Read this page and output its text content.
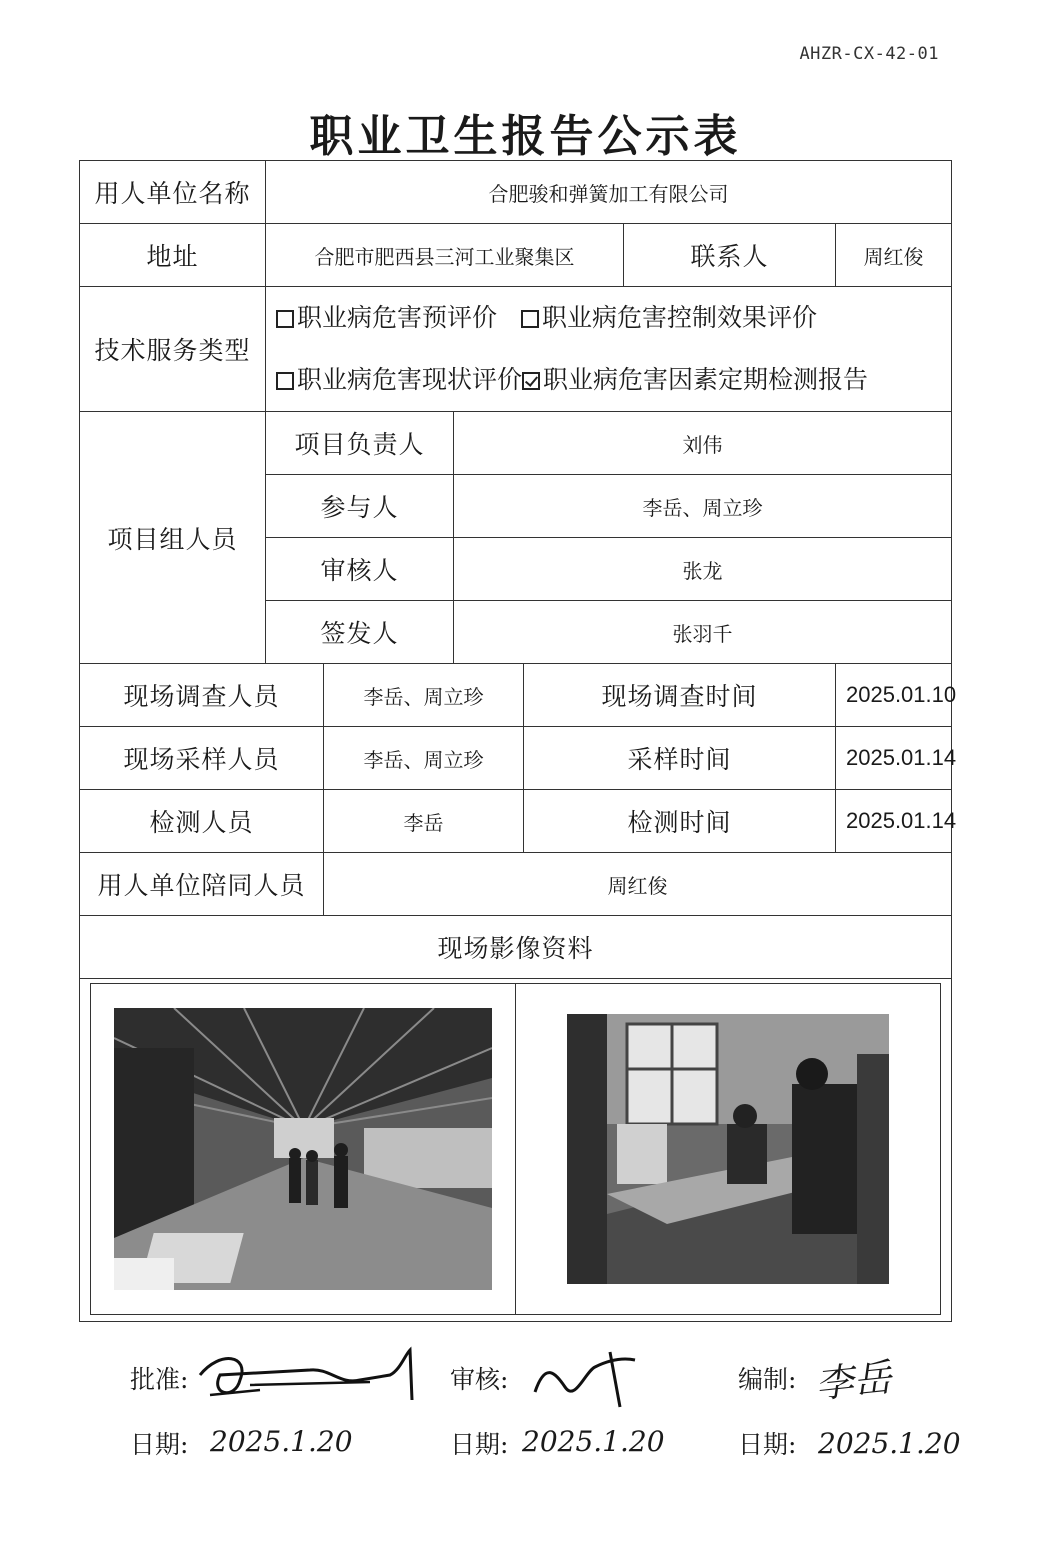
AHZR-CX-42-01
职业卫生报告公示表
用人单位名称	合肥骏和弹簧加工有限公司					
地址	合肥市肥西县三河工业聚集区				联系人	周红俊
技术服务类型	职业病危害预评价 职业病危害控制效果评价
职业病危害现状评价 职业病危害因素定期检测报告					

项目组人员	项目负责人		刘伟			
	参与人		李岳、周立珍			
	审核人		张龙			
	签发人		张羽千			
现场调查人员		李岳、周立珍		现场调查时间		2025.01.10
现场采样人员		李岳、周立珍		采样时间		2025.01.14
检测人员		李岳		检测时间		2025.01.14
用人单位陪同人员		周红俊				
现场影像资料						

批准:	审核:	编制: 李岳
日期: 2025.1.20	日期: 2025.1.20	日期: 2025.1.20
